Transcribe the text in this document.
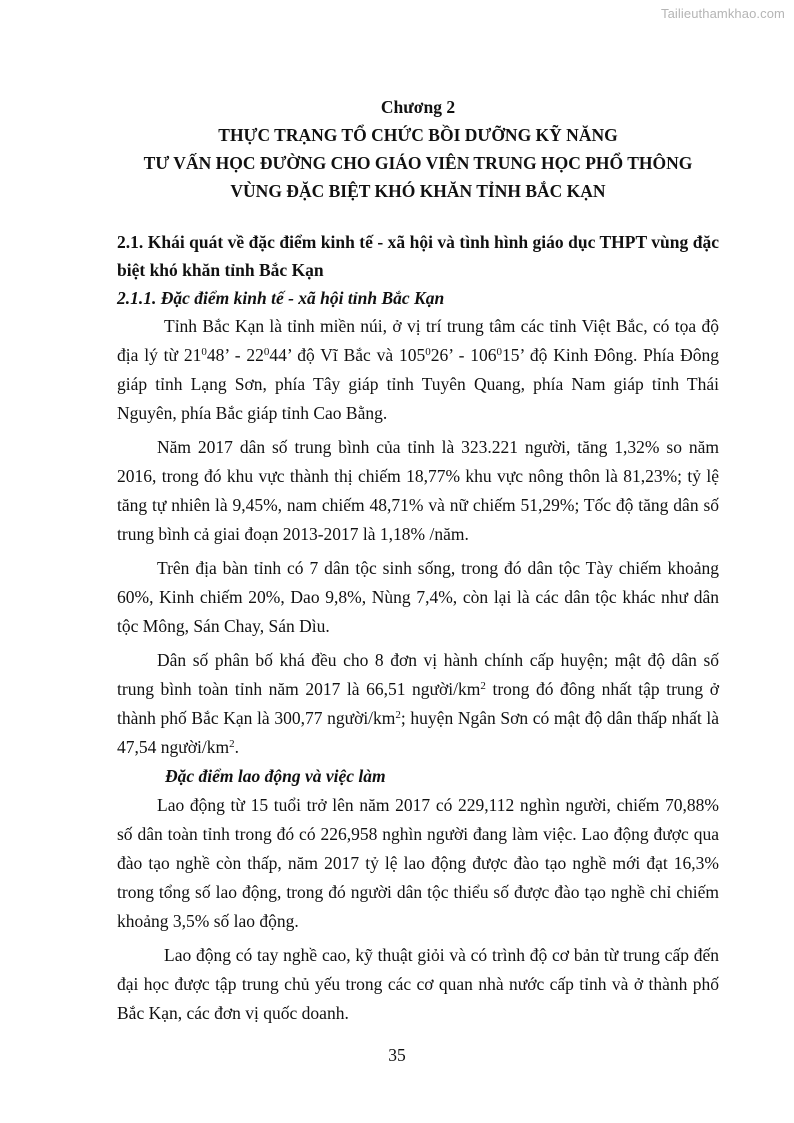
Tailieuthamkhao.com
Chương 2
THỰC TRẠNG TỔ CHỨC BỒI DƯỠNG KỸ NĂNG
TƯ VẤN HỌC ĐƯỜNG CHO GIÁO VIÊN TRUNG HỌC PHỔ THÔNG
VÙNG ĐẶC BIỆT KHÓ KHĂN TỈNH BẮC KẠN
2.1. Khái quát về đặc điểm kinh tế - xã hội và tình hình giáo dục THPT vùng đặc biệt khó khăn tỉnh Bắc Kạn
2.1.1. Đặc điểm kinh tế - xã hội tỉnh Bắc Kạn

Tỉnh Bắc Kạn là tỉnh miền núi, ở vị trí trung tâm các tỉnh Việt Bắc, có tọa độ địa lý từ $21^048$’ - $22^044$’ độ Vĩ Bắc và $105^026$’ - $106^015$’ độ Kinh Đông. Phía Đông giáp tỉnh Lạng Sơn, phía Tây giáp tỉnh Tuyên Quang, phía Nam giáp tỉnh Thái Nguyên, phía Bắc giáp tỉnh Cao Bằng.

Năm 2017 dân số trung bình của tỉnh là 323.221 người, tăng 1,32% so năm 2016, trong đó khu vực thành thị chiếm 18,77% khu vực nông thôn là 81,23%; tỷ lệ tăng tự nhiên là 9,45%, nam chiếm 48,71% và nữ chiếm 51,29%; Tốc độ tăng dân số trung bình cả giai đoạn 2013-2017 là 1,18% /năm.

Trên địa bàn tỉnh có 7 dân tộc sinh sống, trong đó dân tộc Tày chiếm khoảng 60%, Kinh chiếm 20%, Dao 9,8%, Nùng 7,4%, còn lại là các dân tộc khác như dân tộc Mông, Sán Chay, Sán Dìu.

Dân số phân bố khá đều cho 8 đơn vị hành chính cấp huyện; mật độ dân số trung bình toàn tỉnh năm 2017 là 66,51 người/$km^2$ trong đó đông nhất tập trung ở thành phố Bắc Kạn là 300,77 người/$km^2$; huyện Ngân Sơn có mật độ dân thấp nhất là 47,54 người/$km^2$.

Đặc điểm lao động và việc làm

Lao động từ 15 tuổi trở lên năm 2017 có 229,112 nghìn người, chiếm 70,88% số dân toàn tỉnh trong đó có 226,958 nghìn người đang làm việc. Lao động được qua đào tạo nghề còn thấp, năm 2017 tỷ lệ lao động được đào tạo nghề mới đạt 16,3% trong tổng số lao động, trong đó người dân tộc thiểu số được đào tạo nghề chỉ chiếm khoảng 3,5% số lao động.

Lao động có tay nghề cao, kỹ thuật giỏi và có trình độ cơ bản từ trung cấp đến đại học được tập trung chủ yếu trong các cơ quan nhà nước cấp tỉnh và ở thành phố Bắc Kạn, các đơn vị quốc doanh.

35
